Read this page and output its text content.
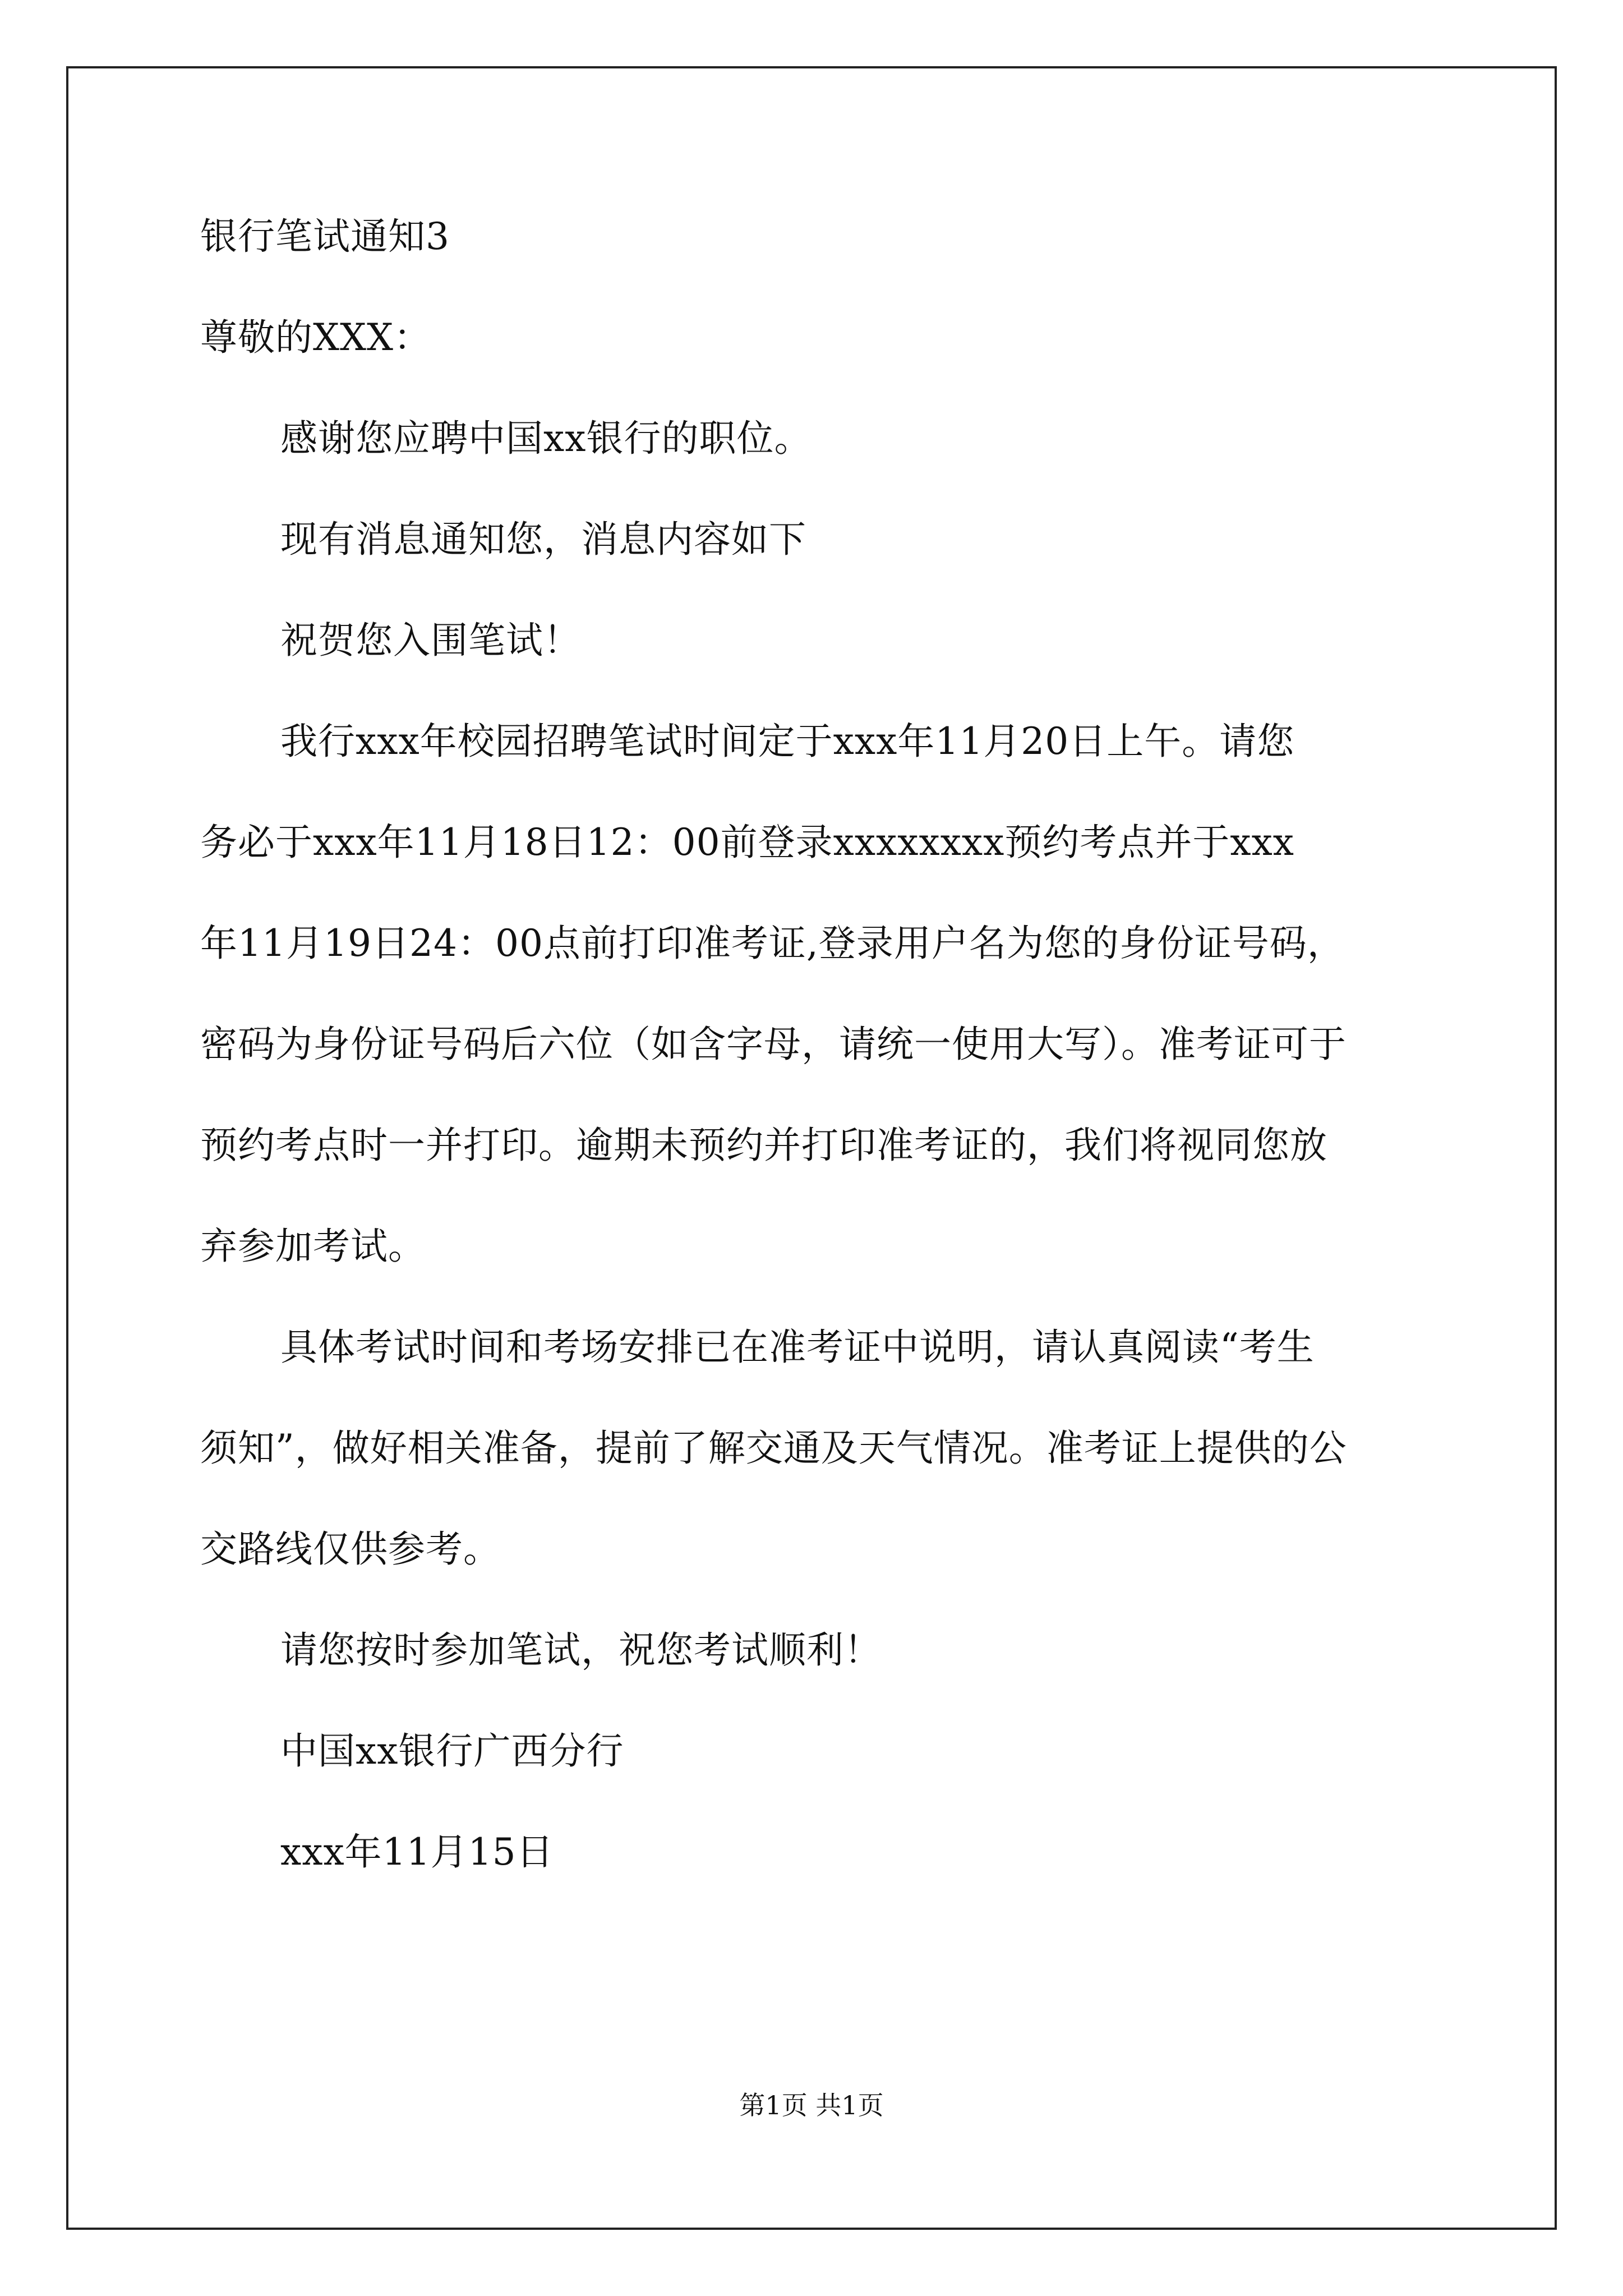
银行笔试通知3
尊敬的XXX：
感谢您应聘中国xx银行的职位。
现有消息通知您，消息内容如下
祝贺您入围笔试！
我行xxx年校园招聘笔试时间定于xxx年11月20日上午。请您
务必于xxx年11月18日12：00前登录xxxxxxxx预约考点并于xxx
年11月19日24：00点前打印准考证,登录用户名为您的身份证号码，
密码为身份证号码后六位（如含字母，请统一使用大写）。准考证可于
预约考点时一并打印。逾期未预约并打印准考证的，我们将视同您放
弃参加考试。
具体考试时间和考场安排已在准考证中说明，请认真阅读“考生
须知”，做好相关准备，提前了解交通及天气情况。准考证上提供的公
交路线仅供参考。
请您按时参加笔试，祝您考试顺利！
中国xx银行广西分行
xxx年11月15日
第1页 共1页
